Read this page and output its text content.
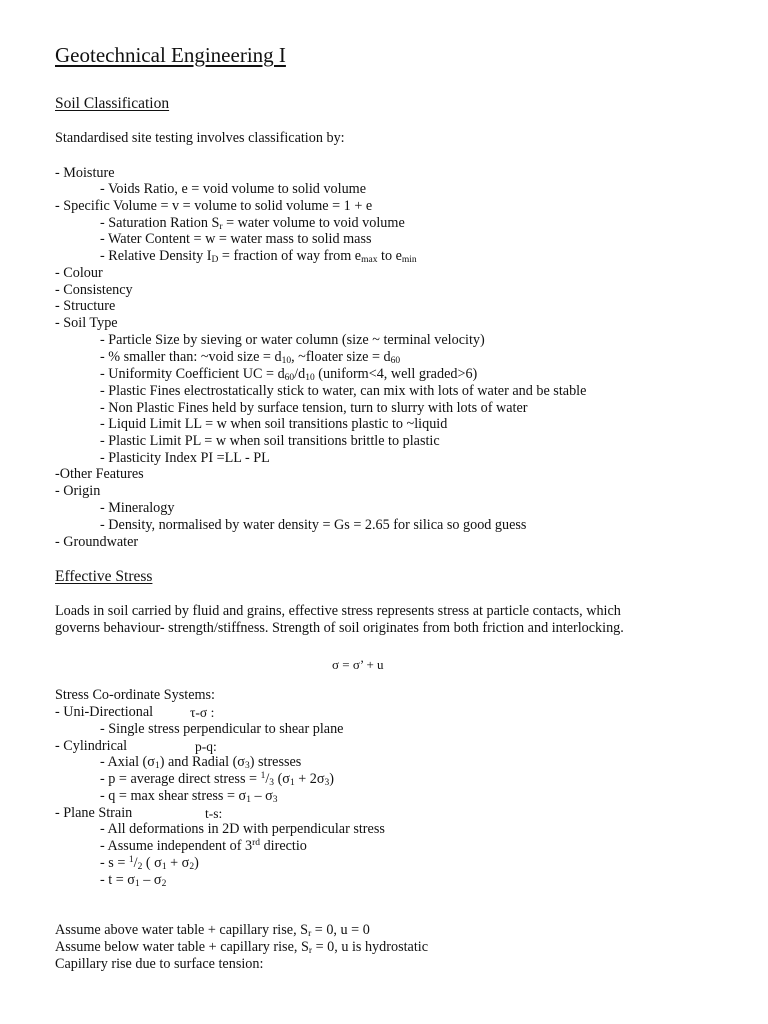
Geotechnical Engineering I
Soil Classification
Standardised site testing involves classification by:
- Moisture
- Voids Ratio, e = void volume to solid volume
- Specific Volume = v = volume to solid volume = 1 + e
- Saturation Ration $S_r$ = water volume to void volume
- Water Content = w = water mass to solid mass
- Relative Density $I_D$ = fraction of way from $e_{max}$ to $e_{min}$
- Colour
- Consistency
- Structure
- Soil Type
- Particle Size by sieving or water column (size ~ terminal velocity)
- % smaller than: ~void size = $d_{10}$, ~floater size = $d_{60}$
- Uniformity Coefficient UC = $d_{60}/d_{10}$ (uniform<4, well graded>6)
- Plastic Fines electrostatically stick to water, can mix with lots of water and be stable
- Non Plastic Fines held by surface tension, turn to slurry with lots of water
- Liquid Limit LL = w when soil transitions plastic to ~liquid
- Plastic Limit PL = w when soil transitions brittle to plastic
- Plasticity Index PI =LL - PL
-Other Features
- Origin
- Mineralogy
- Density, normalised by water density = Gs = 2.65 for silica so good guess
- Groundwater
Effective Stress
Loads in soil carried by fluid and grains, effective stress represents stress at particle contacts, which
governs behaviour- strength/stiffness. Strength of soil originates from both friction and interlocking.
σ = σ’ + u
Stress Co-ordinate Systems:
- Uni-Directional	τ-σ :
- Single stress perpendicular to shear plane
- Cylindrical	p-q:
- Axial $(\sigma_1)$ and Radial $(\sigma_3)$ stresses
- p = average direct stress = $^1/_3$ $(\sigma_1 + 2\sigma_3)$
- q = max shear stress = $\sigma_1 - \sigma_3$
- Plane Strain	t-s:
- All deformations in 2D with perpendicular stress
- Assume independent of 3rd directio
- $s = ^1/_2$ ( $\sigma_1 + \sigma_2$)
- $t = \sigma_1 - \sigma_2$
Assume above water table + capillary rise, $S_r = 0$, u = 0
Assume below water table + capillary rise, $S_r = 0$, u is hydrostatic
Capillary rise due to surface tension:
